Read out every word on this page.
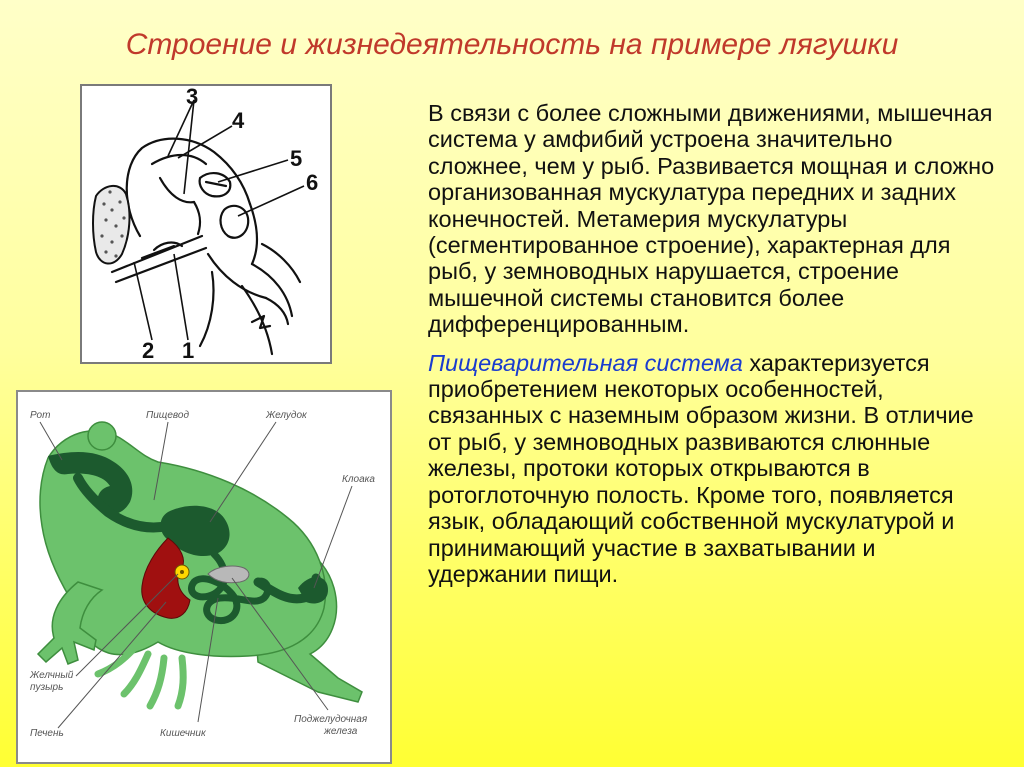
Строение и жизнедеятельность на примере лягушки
3
4
5
6
2 1
Рот	Пищевод	Желудок
Клоака
Желчный
пузырь
Печень	Кишечник
Поджелудочная
железа

В связи с более сложными движениями, мышечная система у амфибий устроена значительно сложнее, чем у рыб. Развивается мощная и сложно организованная мускулатура передних и задних конечностей. Метамерия мускулатуры (сегментированное строение), характерная для рыб, у земноводных нарушается, строение мышечной системы становится более дифференцированным.

Пищеварительная система характеризуется приобретением некоторых особенностей, связанных с наземным образом жизни. В отличие от рыб, у земноводных развиваются слюнные железы, протоки которых открываются в ротоглоточную полость. Кроме того, появляется язык, обладающий собственной мускулатурой и принимающий участие в захватывании и удержании пищи.
